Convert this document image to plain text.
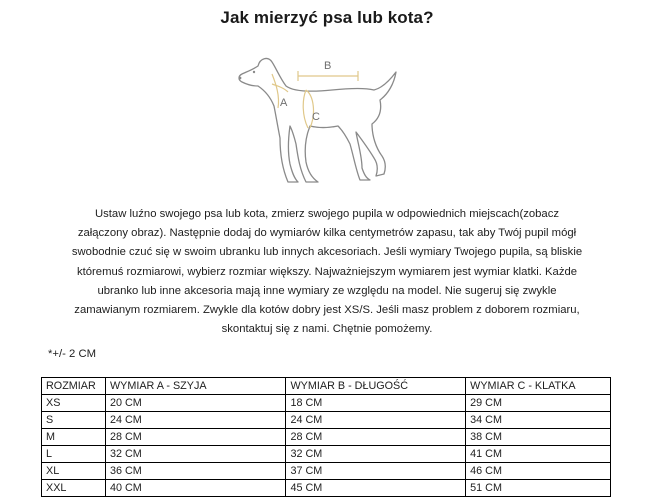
Jak mierzyć psa lub kota?
A
B
C
Ustaw luźno swojego psa lub kota, zmierz swojego pupila w odpowiednich miejscach(zobacz
załączony obraz). Następnie dodaj do wymiarów kilka centymetrów zapasu, tak aby Twój pupil mógł
swobodnie czuć się w swoim ubranku lub innych akcesoriach. Jeśli wymiary Twojego pupila, są bliskie
któremuś rozmiarowi, wybierz rozmiar większy. Najważniejszym wymiarem jest wymiar klatki. Każde
ubranko lub inne akcesoria mają inne wymiary ze względu na model. Nie sugeruj się zwykle
zamawianym rozmiarem. Zwykle dla kotów dobry jest XS/S. Jeśli masz problem z doborem rozmiaru,
skontaktuj się z nami. Chętnie pomożemy.
*+/- 2 CM
ROZMIAR	WYMIAR A - SZYJA	WYMIAR B - DŁUGOŚĆ	WYMIAR C - KLATKA
XS	20 CM	18 CM	29 CM
S	24 CM	24 CM	34 CM
M	28 CM	28 CM	38 CM
L	32 CM	32 CM	41 CM
XL	36 CM	37 CM	46 CM
XXL	40 CM	45 CM	51 CM
